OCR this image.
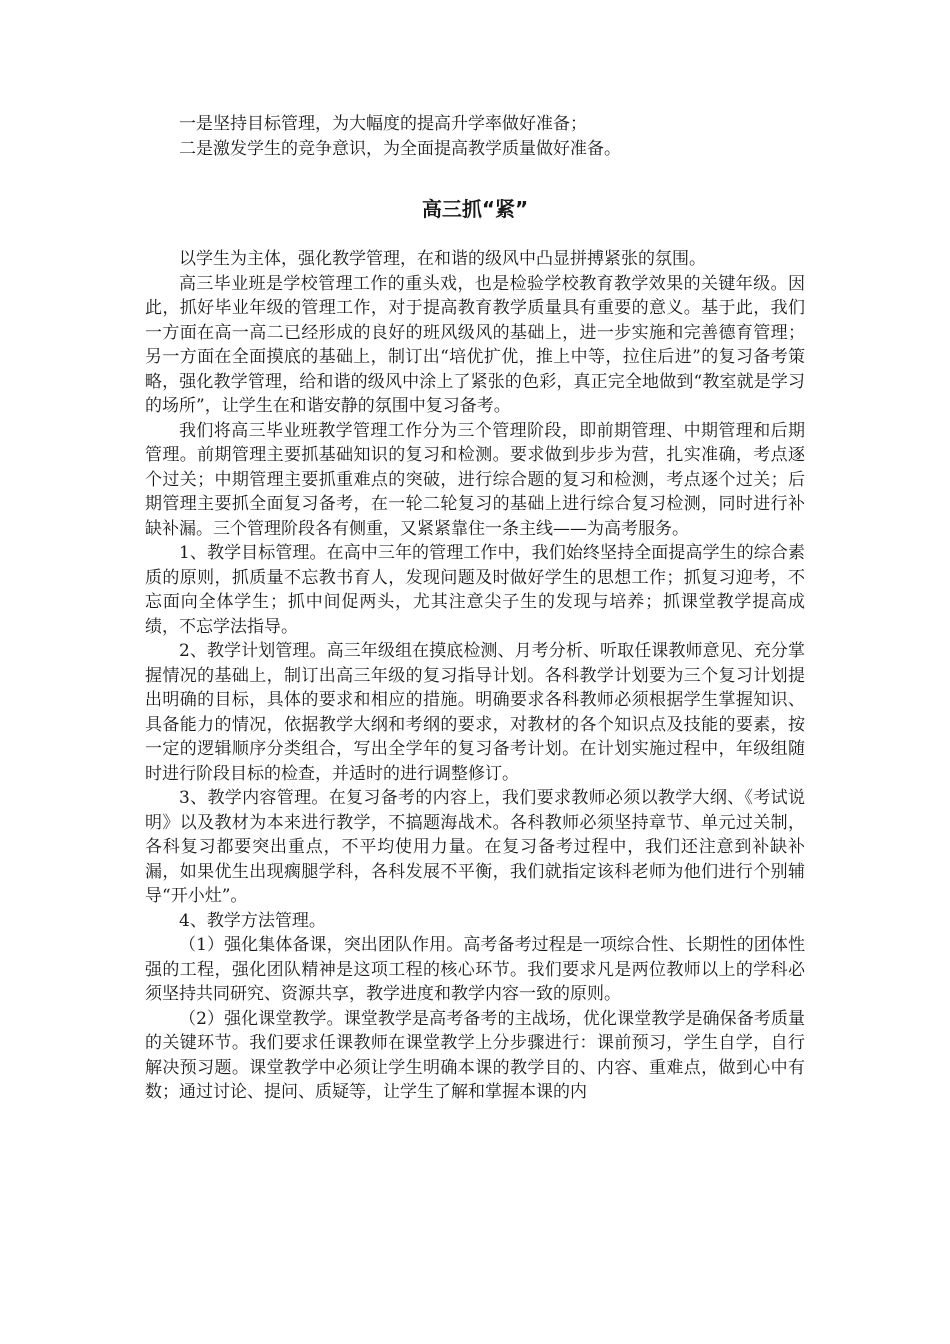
一是坚持目标管理，为大幅度的提高升学率做好准备；

二是激发学生的竞争意识，为全面提高教学质量做好准备。

高三抓“紧”

以学生为主体，强化教学管理，在和谐的级风中凸显拼搏紧张的氛围。

高三毕业班是学校管理工作的重头戏，也是检验学校教育教学效果的关键年级。因此，抓好毕业年级的管理工作，对于提高教育教学质量具有重要的意义。基于此，我们一方面在高一高二已经形成的良好的班风级风的基础上，进一步实施和完善德育管理；另一方面在全面摸底的基础上，制订出“培优扩优，推上中等，拉住后进”的复习备考策略，强化教学管理，给和谐的级风中涂上了紧张的色彩，真正完全地做到“教室就是学习的场所”，让学生在和谐安静的氛围中复习备考。

我们将高三毕业班教学管理工作分为三个管理阶段，即前期管理、中期管理和后期管理。前期管理主要抓基础知识的复习和检测。要求做到步步为营，扎实准确，考点逐个过关；中期管理主要抓重难点的突破，进行综合题的复习和检测，考点逐个过关；后期管理主要抓全面复习备考，在一轮二轮复习的基础上进行综合复习检测，同时进行补缺补漏。三个管理阶段各有侧重，又紧紧靠住一条主线——为高考服务。

1、教学目标管理。在高中三年的管理工作中，我们始终坚持全面提高学生的综合素质的原则，抓质量不忘教书育人，发现问题及时做好学生的思想工作；抓复习迎考，不忘面向全体学生；抓中间促两头，尤其注意尖子生的发现与培养；抓课堂教学提高成绩，不忘学法指导。

2、教学计划管理。高三年级组在摸底检测、月考分析、听取任课教师意见、充分掌握情况的基础上，制订出高三年级的复习指导计划。各科教学计划要为三个复习计划提出明确的目标，具体的要求和相应的措施。明确要求各科教师必须根据学生掌握知识、具备能力的情况，依据教学大纲和考纲的要求，对教材的各个知识点及技能的要素，按一定的逻辑顺序分类组合，写出全学年的复习备考计划。在计划实施过程中，年级组随时进行阶段目标的检查，并适时的进行调整修订。

3、教学内容管理。在复习备考的内容上，我们要求教师必须以教学大纲、《考试说明》以及教材为本来进行教学，不搞题海战术。各科教师必须坚持章节、单元过关制，各科复习都要突出重点，不平均使用力量。在复习备考过程中，我们还注意到补缺补漏，如果优生出现瘸腿学科，各科发展不平衡，我们就指定该科老师为他们进行个别辅导“开小灶”。

4、教学方法管理。

（1）强化集体备课，突出团队作用。高考备考过程是一项综合性、长期性的团体性强的工程，强化团队精神是这项工程的核心环节。我们要求凡是两位教师以上的学科必须坚持共同研究、资源共享，教学进度和教学内容一致的原则。

（2）强化课堂教学。课堂教学是高考备考的主战场，优化课堂教学是确保备考质量的关键环节。我们要求任课教师在课堂教学上分步骤进行：课前预习，学生自学，自行解决预习题。课堂教学中必须让学生明确本课的教学目的、内容、重难点，做到心中有数；通过讨论、提问、质疑等，让学生了解和掌握本课的内
